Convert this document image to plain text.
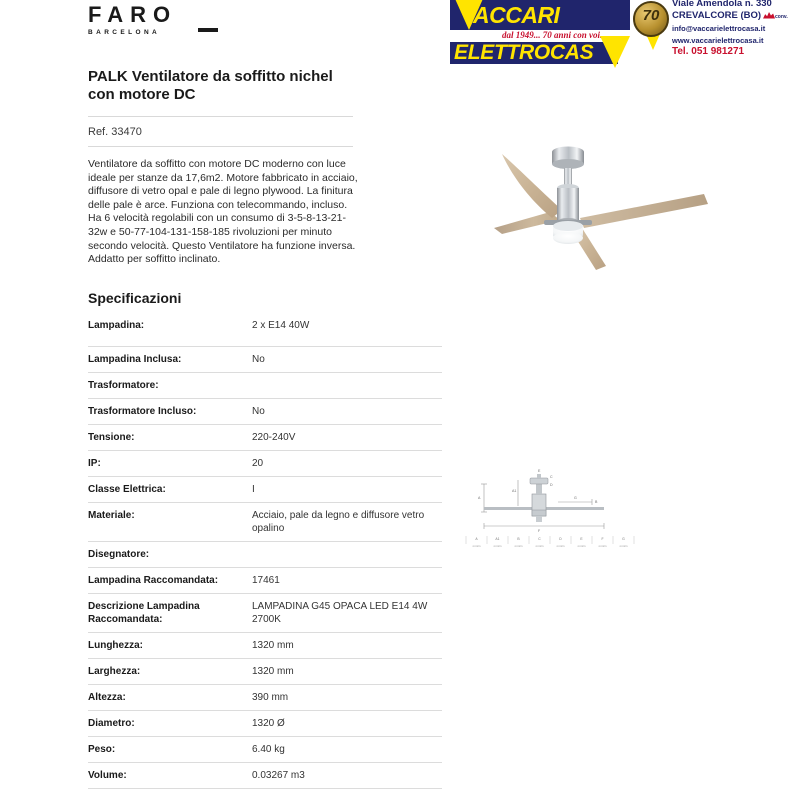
FARO
BARCELONA
ACCARI
dal 1949... 70 anni con voi.
ELETTROCAS
70
Viale Amendola n. 330
CREVALCORE (BO)	conv.
info@vaccarielettrocasa.it
www.vaccarielettrocasa.it
Tel. 051 981271
PALK Ventilatore da soffitto nichel con motore DC
Ref. 33470
Ventilatore da soffitto con motore DC moderno con luce ideale per stanze da 17,6m2. Motore fabbricato in acciaio, diffusore di vetro opal e pale di legno plywood. La finitura delle pale è arce. Funziona con telecommando, incluso. Ha 6 velocità regolabili con un consumo di 3-5-8-13-21-32w e 50-77-104-131-158-185 rivoluzioni per minuto secondo velocità. Questo Ventilatore ha funzione inversa. Addatto per soffitto inclinato.
Specificazioni
Lampadina:	2 x E14 40W
Lampadina Inclusa:	No
Trasformatore:	
Trasformatore Incluso:	No
Tensione:	220-240V
IP:	20
Classe Elettrica:	I
Materiale:	Acciaio, pale da legno e diffusore vetro opalino
Disegnatore:	
Lampadina Raccomandata:	17461
Descrizione Lampadina Raccomandata:	LAMPADINA G45 OPACA LED E14 4W 2700K
Lunghezza:	1320 mm
Larghezza:	1320 mm
Altezza:	390 mm
Diametro:	1320 Ø
Peso:	6.40 kg
Volume:	0.03267 m3
A
A1
B
C
D
G
E
F
A	A1	B	C	D	E	F	G
mm/in	mm/in	mm/in	mm/in	mm/in	mm/in	mm/in	mm/in
